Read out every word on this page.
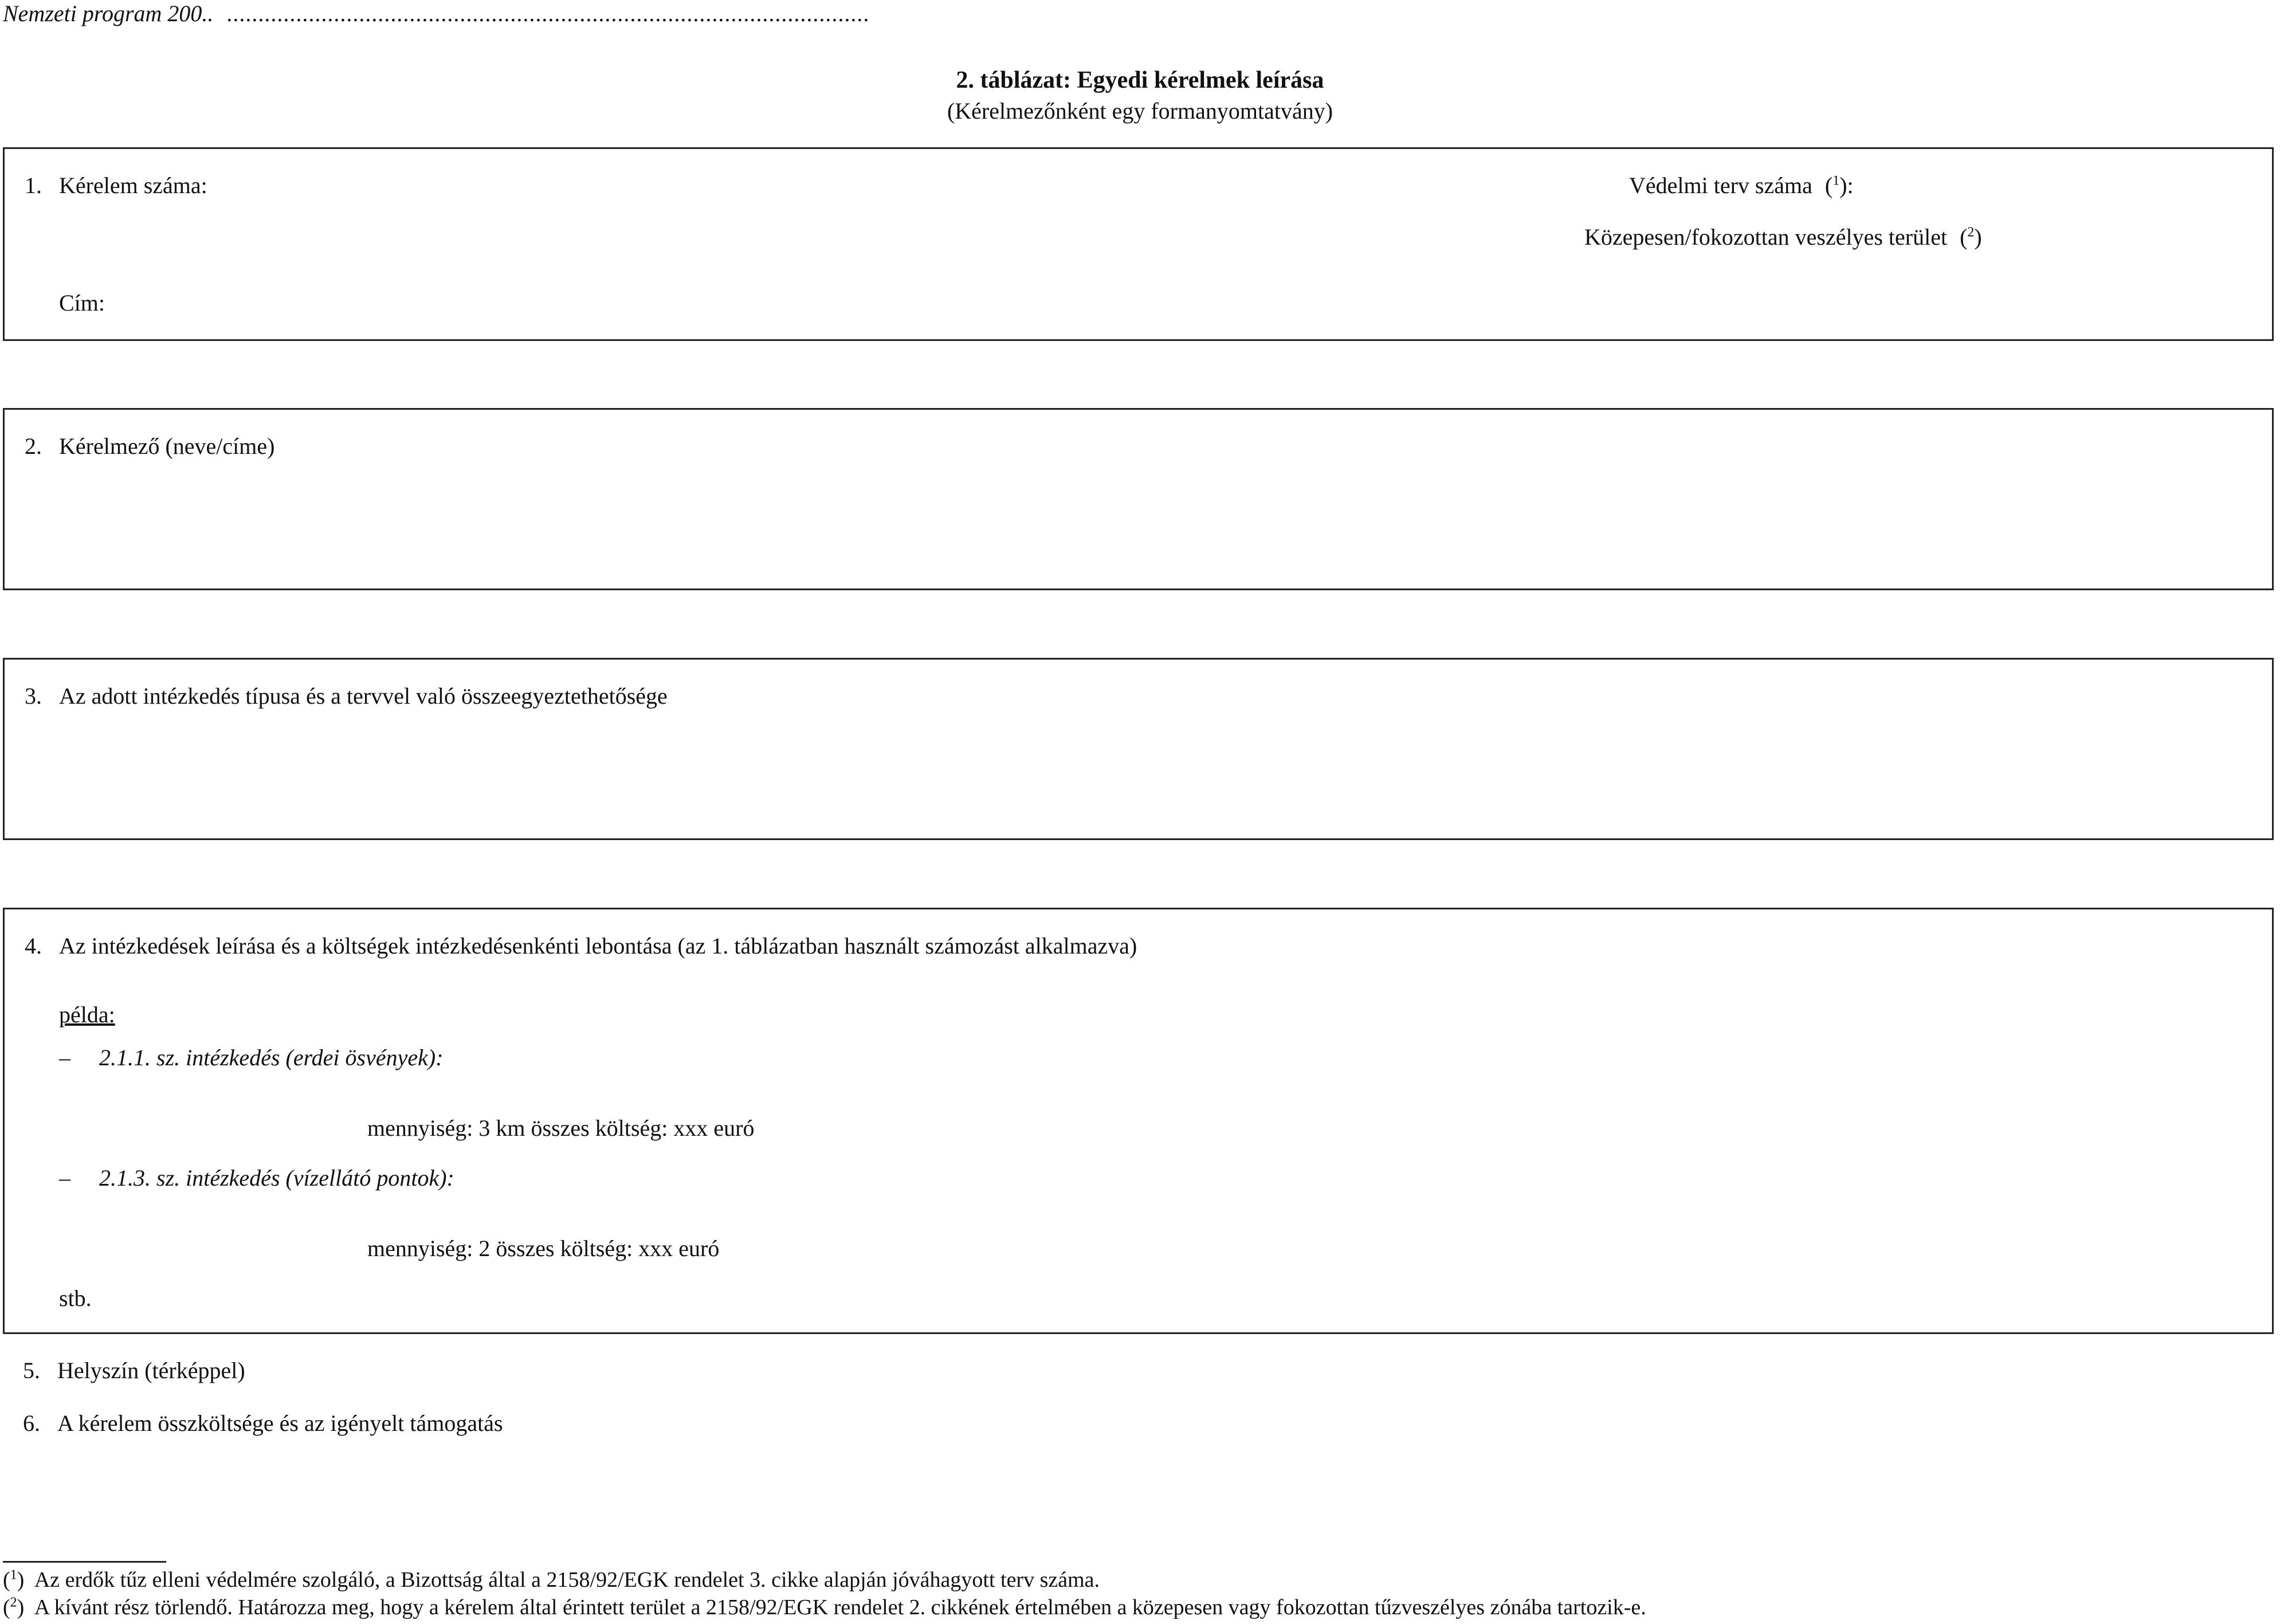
Nemzeti program 200.. ......................................................................................................
2. táblázat: Egyedi kérelmek leírása
(Kérelmezőnként egy formanyomtatvány)
1. Kérelem száma:	Védelmi terv száma ($^1$):
Közepesen/fokozottan veszélyes terület ($^2$)
Cím:
2. Kérelmező (neve/címe)
3. Az adott intézkedés típusa és a tervvel való összeegyeztethetősége
4. Az intézkedések leírása és a költségek intézkedésenkénti lebontása (az 1. táblázatban használt számozást alkalmazva)
példa:
– 2.1.1. sz. intézkedés (erdei ösvények):
mennyiség: 3 km összes költség: xxx euró
– 2.1.3. sz. intézkedés (vízellátó pontok):
mennyiség: 2 összes költség: xxx euró
stb.
5. Helyszín (térképpel)
6. A kérelem összköltsége és az igényelt támogatás
($^1$) Az erdők tűz elleni védelmére szolgáló, a Bizottság által a 2158/92/EGK rendelet 3. cikke alapján jóváhagyott terv száma.
($^2$) A kívánt rész törlendő. Határozza meg, hogy a kérelem által érintett terület a 2158/92/EGK rendelet 2. cikkének értelmében a közepesen vagy fokozottan tűzveszélyes zónába tartozik-e.
